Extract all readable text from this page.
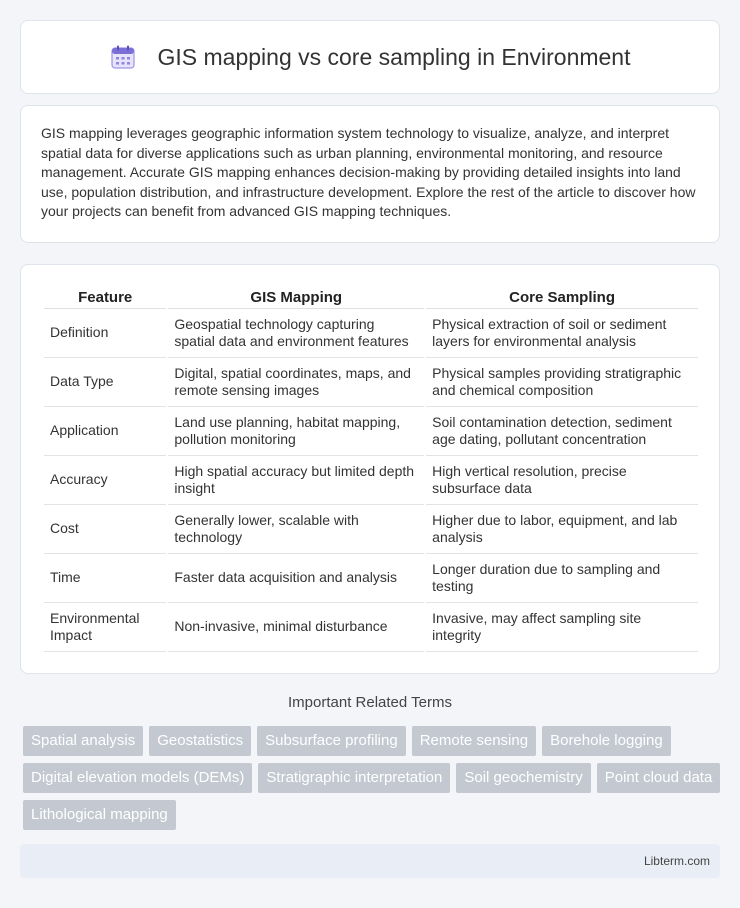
GIS mapping vs core sampling in Environment

GIS mapping leverages geographic information system technology to visualize, analyze, and interpret spatial data for diverse applications such as urban planning, environmental monitoring, and resource management. Accurate GIS mapping enhances decision-making by providing detailed insights into land use, population distribution, and infrastructure development. Explore the rest of the article to discover how your projects can benefit from advanced GIS mapping techniques.

Feature	GIS Mapping	Core Sampling
Definition	Geospatial technology capturing spatial data and environment features	Physical extraction of soil or sediment layers for environmental analysis
Data Type	Digital, spatial coordinates, maps, and remote sensing images	Physical samples providing stratigraphic and chemical composition
Application	Land use planning, habitat mapping, pollution monitoring	Soil contamination detection, sediment age dating, pollutant concentration
Accuracy	High spatial accuracy but limited depth insight	High vertical resolution, precise subsurface data
Cost	Generally lower, scalable with technology	Higher due to labor, equipment, and lab analysis
Time	Faster data acquisition and analysis	Longer duration due to sampling and testing
Environmental Impact	Non-invasive, minimal disturbance	Invasive, may affect sampling site integrity
Important Related Terms
Spatial analysis	Geostatistics	Subsurface profiling	Remote sensing	Borehole logging
Digital elevation models (DEMs)	Stratigraphic interpretation	Soil geochemistry	Point cloud data
Lithological mapping
Libterm.com
